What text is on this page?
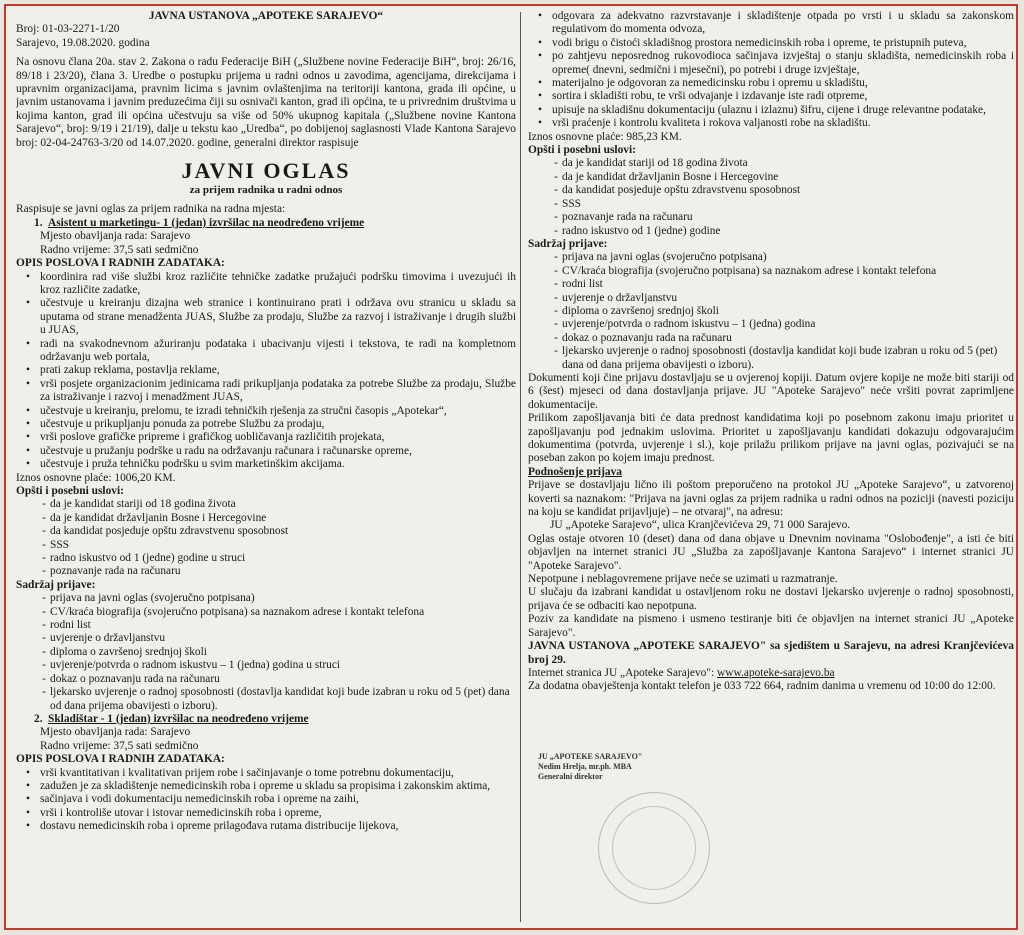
JAVNA USTANOVA „APOTEKE SARAJEVO“

Broj: 01-03-2271-1/20

Sarajevo, 19.08.2020. godina

Na osnovu člana 20a. stav 2. Zakona o radu Federacije BiH („Službene novine Federacije BiH“, broj: 26/16, 89/18 i 23/20), člana 3. Uredbe o postupku prijema u radni odnos u zavodima, agencijama, direkcijama i upravnim organizacijama, pravnim licima s javnim ovlaštenjima na teritoriji kantona, grada ili općine, u javnim ustanovama i javnim preduzećima čiji su osnivači kanton, grad ili općina, te u privrednim društvima u kojima kanton, grad ili općina učestvuju sa više od 50% ukupnog kapitala („Službene novine Kantona Sarajevo“, broj: 9/19 i 21/19), dalje u tekstu kao „Uredba“, po dobijenoj saglasnosti Vlade Kantona Sarajevo broj: 02-04-24763-3/20 od 14.07.2020. godine, generalni direktor raspisuje

JAVNI OGLAS
za prijem radnika u radni odnos

Raspisuje se javni oglas za prijem radnika na radna mjesta:

1. Asistent u marketingu- 1 (jedan) izvršilac na neodređeno vrijeme

Mjesto obavljanja rada: Sarajevo

Radno vrijeme: 37,5 sati sedmično

OPIS POSLOVA I RADNIH ZADATAKA:

• koordinira rad više službi kroz različite tehničke zadatke pružajući podršku timovima i uvezujući ih kroz različite zadatke,
• učestvuje u kreiranju dizajna web stranice i kontinuirano prati i održava ovu stranicu u skladu sa uputama od strane menadženta JUAS, Službe za prodaju, Službe za razvoj i istraživanje i drugih službi u JUAS,
• radi na svakodnevnom ažuriranju podataka i ubacivanju vijesti i tekstova, te radi na kompletnom održavanju web portala,
• prati zakup reklama, postavlja reklame,
• vrši posjete organizacionim jedinicama radi prikupljanja podataka za potrebe Službe za prodaju, Službe za istraživanje i razvoj i menadžment JUAS,
• učestvuje u kreiranju, prelomu, te izradi tehničkih rješenja za stručni časopis „Apotekar“,
• učestvuje u prikupljanju ponuda za potrebe Službu za prodaju,
• vrši poslove grafičke pripreme i grafičkog uobličavanja različitih projekata,
• učestvuje u pružanju podrške u radu na održavanju računara i računarske opreme,
• učestvuje i pruža tehničku podršku u svim marketinškim akcijama.

Iznos osnovne plaće: 1006,20 KM.

Opšti i posebni uslovi:

- da je kandidat stariji od 18 godina života
- da je kandidat državljanin Bosne i Hercegovine
- da kandidat posjeduje opštu zdravstvenu sposobnost
- SSS
- radno iskustvo od 1 (jedne) godine u struci
- poznavanje rada na računaru

Sadržaj prijave:

- prijava na javni oglas (svojeručno potpisana)
- CV/kraća biografija (svojeručno potpisana) sa naznakom adrese i kontakt telefona
- rodni list
- uvjerenje o državljanstvu
- diploma o završenoj srednjoj školi
- uvjerenje/potvrda o radnom iskustvu – 1 (jedna) godina u struci
- dokaz o poznavanju rada na računaru
- ljekarsko uvjerenje o radnoj sposobnosti (dostavlja kandidat koji bude izabran u roku od 5 (pet) dana od dana prijema obavijesti o izboru).
2. Skladištar - 1 (jedan) izvršilac na neodređeno vrijeme

Mjesto obavljanja rada: Sarajevo

Radno vrijeme: 37,5 sati sedmično

OPIS POSLOVA I RADNIH ZADATAKA:

• vrši kvantitativan i kvalitativan prijem robe i sačinjavanje o tome potrebnu dokumentaciju,
• zadužen je za skladištenje nemedicinskih roba i opreme u skladu sa propisima i zakonskim aktima,
• sačinjava i vodi dokumentaciju nemedicinskih roba i opreme na zaihi,
• vrši i kontroliše utovar i istovar nemedicinskih roba i opreme,
• dostavu nemedicinskih roba i opreme prilagođava rutama distribucije lijekova,
• odgovara za adekvatno razvrstavanje i skladištenje otpada po vrsti i u skladu sa zakonskom regulativom do momenta odvoza,
• vodi brigu o čistoći skladišnog prostora nemedicinskih roba i opreme, te pristupnih puteva,
• po zahtjevu neposrednog rukovodioca sačinjava izvještaj o stanju skladišta, nemedicinskih roba i opreme( dnevni, sedmični i mjesečni), po potrebi i druge izvještaje,
• materijalno je odgovoran za nemedicinsku robu i opremu u skladištu,
• sortira i skladišti robu, te vrši odvajanje i izdavanje iste radi otpreme,
• upisuje na skladišnu dokumentaciju (ulaznu i izlaznu) šifru, cijene i druge relevantne podatake,
• vrši praćenje i kontrolu kvaliteta i rokova valjanosti robe na skladištu.

Iznos osnovne plaće: 985,23 KM.

Opšti i posebni uslovi:

- da je kandidat stariji od 18 godina života
- da je kandidat državljanin Bosne i Hercegovine
- da kandidat posjeduje opštu zdravstvenu sposobnost
- SSS
- poznavanje rada na računaru
- radno iskustvo od 1 (jedne) godine

Sadržaj prijave:

- prijava na javni oglas (svojeručno potpisana)
- CV/kraća biografija (svojeručno potpisana) sa naznakom adrese i kontakt telefona
- rodni list
- uvjerenje o državljanstvu
- diploma o završenoj srednjoj školi
- uvjerenje/potvrda o radnom iskustvu – 1 (jedna) godina
- dokaz o poznavanju rada na računaru
- ljekarsko uvjerenje o radnoj sposobnosti (dostavlja kandidat koji bude izabran u roku od 5 (pet) dana od dana prijema obavijesti o izboru).

Dokumenti koji čine prijavu dostavljaju se u ovjerenoj kopiji. Datum ovjere kopije ne može biti stariji od 6 (šest) mjeseci od dana dostavljanja prijave. JU "Apoteke Sarajevo" neće vršiti povrat zaprimljene dokumentacije.

Prilikom zapošljavanja biti će data prednost kandidatima koji po posebnom zakonu imaju prioritet u zapošljavanju pod jednakim uslovima. Prioritet u zapošljavanju kandidati dokazuju odgovarajućim dokumentima (potvrda, uvjerenje i sl.), koje prilažu prilikom prijave na javni oglas, pozivajući se na poseban zakon po kojem imaju prednost.

Podnošenje prijava

Prijave se dostavljaju lično ili poštom preporučeno na protokol JU „Apoteke Sarajevo“, u zatvorenoj koverti sa naznakom: "Prijava na javni oglas za prijem radnika u radni odnos na poziciji (navesti poziciju na koju se kandidat prijavljuje) – ne otvaraj", na adresu:

JU „Apoteke Sarajevo“, ulica Kranjčevićeva 29, 71 000 Sarajevo.

Oglas ostaje otvoren 10 (deset) dana od dana objave u Dnevnim novinama "Oslobođenje", a isti će biti objavljen na internet stranici JU „Služba za zapošljavanje Kantona Sarajevo“ i internet stranici JU "Apoteke Sarajevo".

Nepotpune i neblagovremene prijave neće se uzimati u razmatranje.

U slučaju da izabrani kandidat u ostavljenom roku ne dostavi ljekarsko uvjerenje o radnoj sposobnosti, prijava će se odbaciti kao nepotpuna.

Poziv za kandidate na pismeno i usmeno testiranje biti će objavljen na internet stranici JU „Apoteke Sarajevo".

JAVNA USTANOVA „APOTEKE SARAJEVO" sa sjedištem u Sarajevu, na adresi Kranjčevićeva broj 29.

Internet stranica JU „Apoteke Sarajevo": www.apoteke-sarajevo.ba

Za dodatna obavještenja kontakt telefon je 033 722 664, radnim danima u vremenu od 10:00 do 12:00.

JU „APOTEKE SARAJEVO"
Nedim Hrelja, mr.ph. MBA
Generalni direktor
